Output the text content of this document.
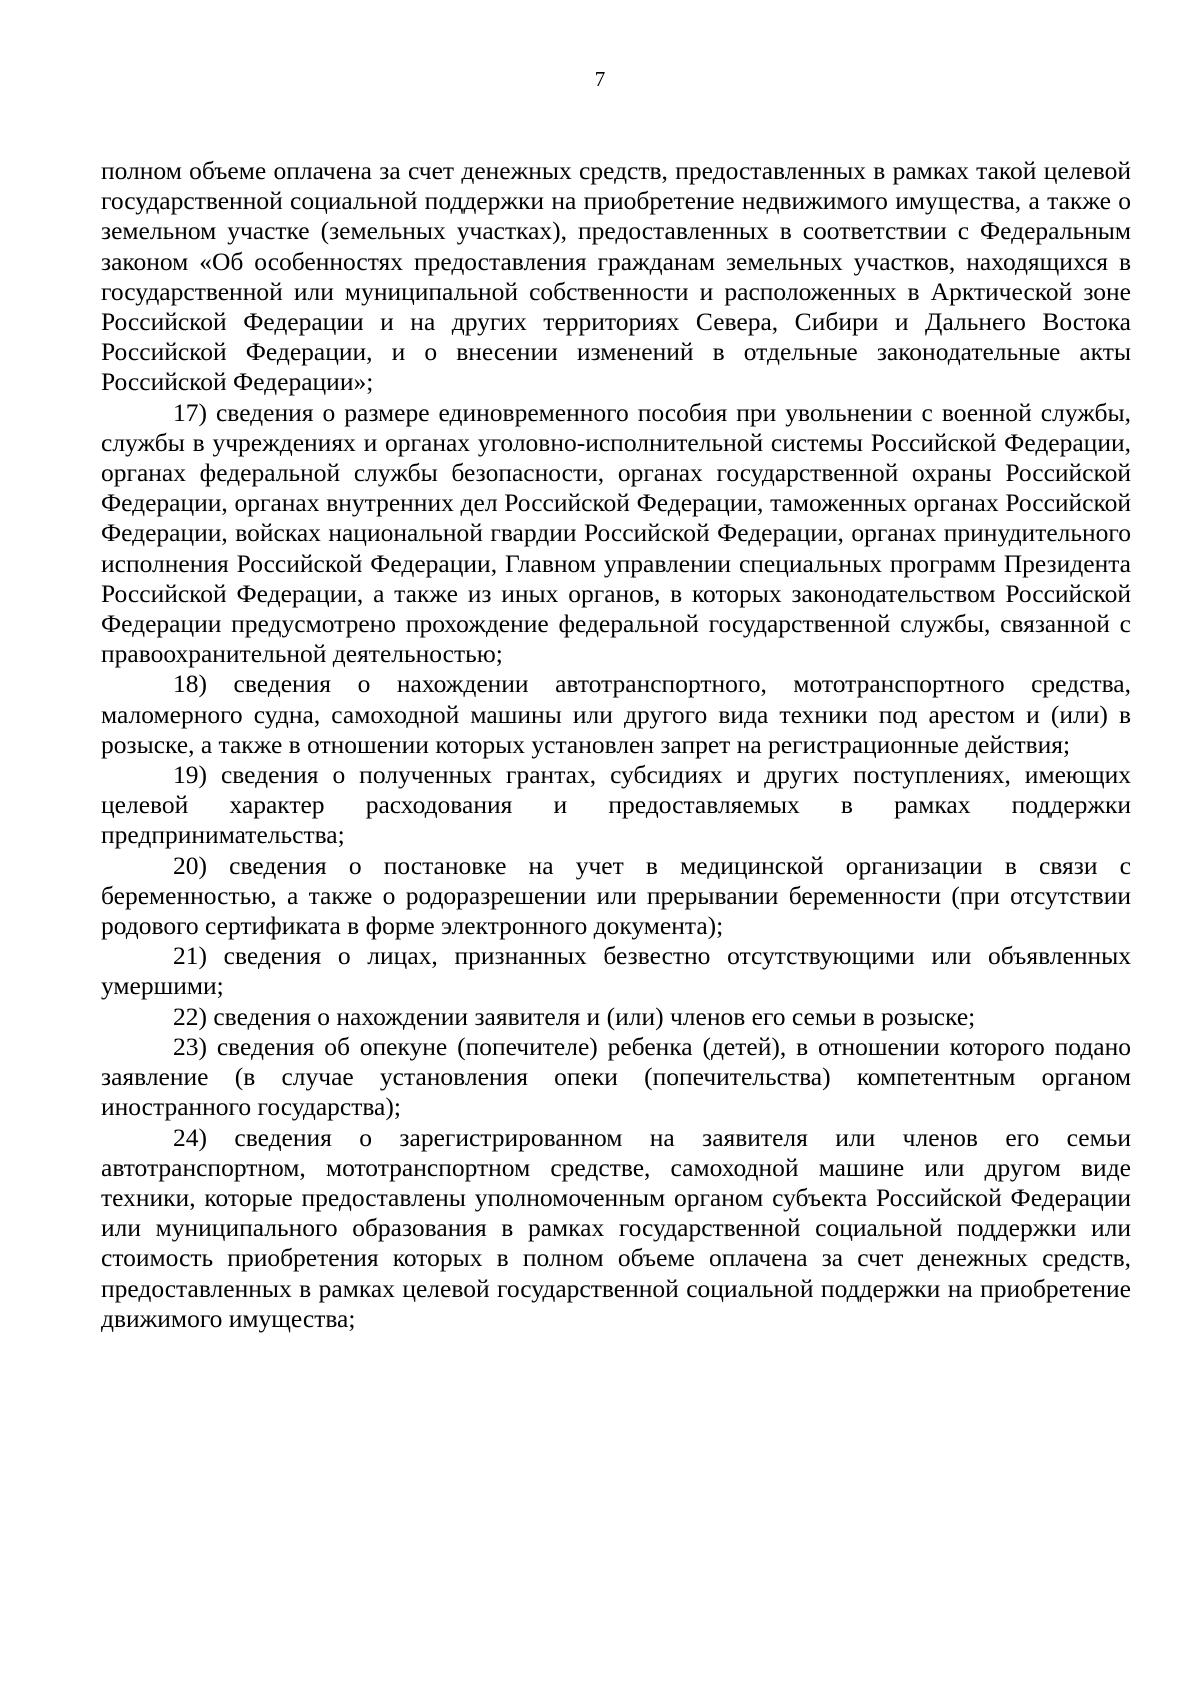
7

полном объеме оплачена за счет денежных средств, предоставленных в рамках такой целевой государственной социальной поддержки на приобретение недвижимого имущества, а также о земельном участке (земельных участках), предоставленных в соответствии с Федеральным законом «Об особенностях предоставления гражданам земельных участков, находящихся в государственной или муниципальной собственности и расположенных в Арктической зоне Российской Федерации и на других территориях Севера, Сибири и Дальнего Востока Российской Федерации, и о внесении изменений в отдельные законодательные акты Российской Федерации»;

17) сведения о размере единовременного пособия при увольнении с военной службы, службы в учреждениях и органах уголовно-исполнительной системы Российской Федерации, органах федеральной службы безопасности, органах государственной охраны Российской Федерации, органах внутренних дел Российской Федерации, таможенных органах Российской Федерации, войсках национальной гвардии Российской Федерации, органах принудительного исполнения Российской Федерации, Главном управлении специальных программ Президента Российской Федерации, а также из иных органов, в которых законодательством Российской Федерации предусмотрено прохождение федеральной государственной службы, связанной с правоохранительной деятельностью;

18) сведения о нахождении автотранспортного, мототранспортного средства, маломерного судна, самоходной машины или другого вида техники под арестом и (или) в розыске, а также в отношении которых установлен запрет на регистрационные действия;

19) сведения о полученных грантах, субсидиях и других поступлениях, имеющих целевой характер расходования и предоставляемых в рамках поддержки предпринимательства;

20) сведения о постановке на учет в медицинской организации в связи с беременностью, а также о родоразрешении или прерывании беременности (при отсутствии родового сертификата в форме электронного документа);

21) сведения о лицах, признанных безвестно отсутствующими или объявленных умершими;

22) сведения о нахождении заявителя и (или) членов его семьи в розыске;

23) сведения об опекуне (попечителе) ребенка (детей), в отношении которого подано заявление (в случае установления опеки (попечительства) компетентным органом иностранного государства);

24) сведения о зарегистрированном на заявителя или членов его семьи автотранспортном, мототранспортном средстве, самоходной машине или другом виде техники, которые предоставлены уполномоченным органом субъекта Российской Федерации или муниципального образования в рамках государственной социальной поддержки или стоимость приобретения которых в полном объеме оплачена за счет денежных средств, предоставленных в рамках целевой государственной социальной поддержки на приобретение движимого имущества;
